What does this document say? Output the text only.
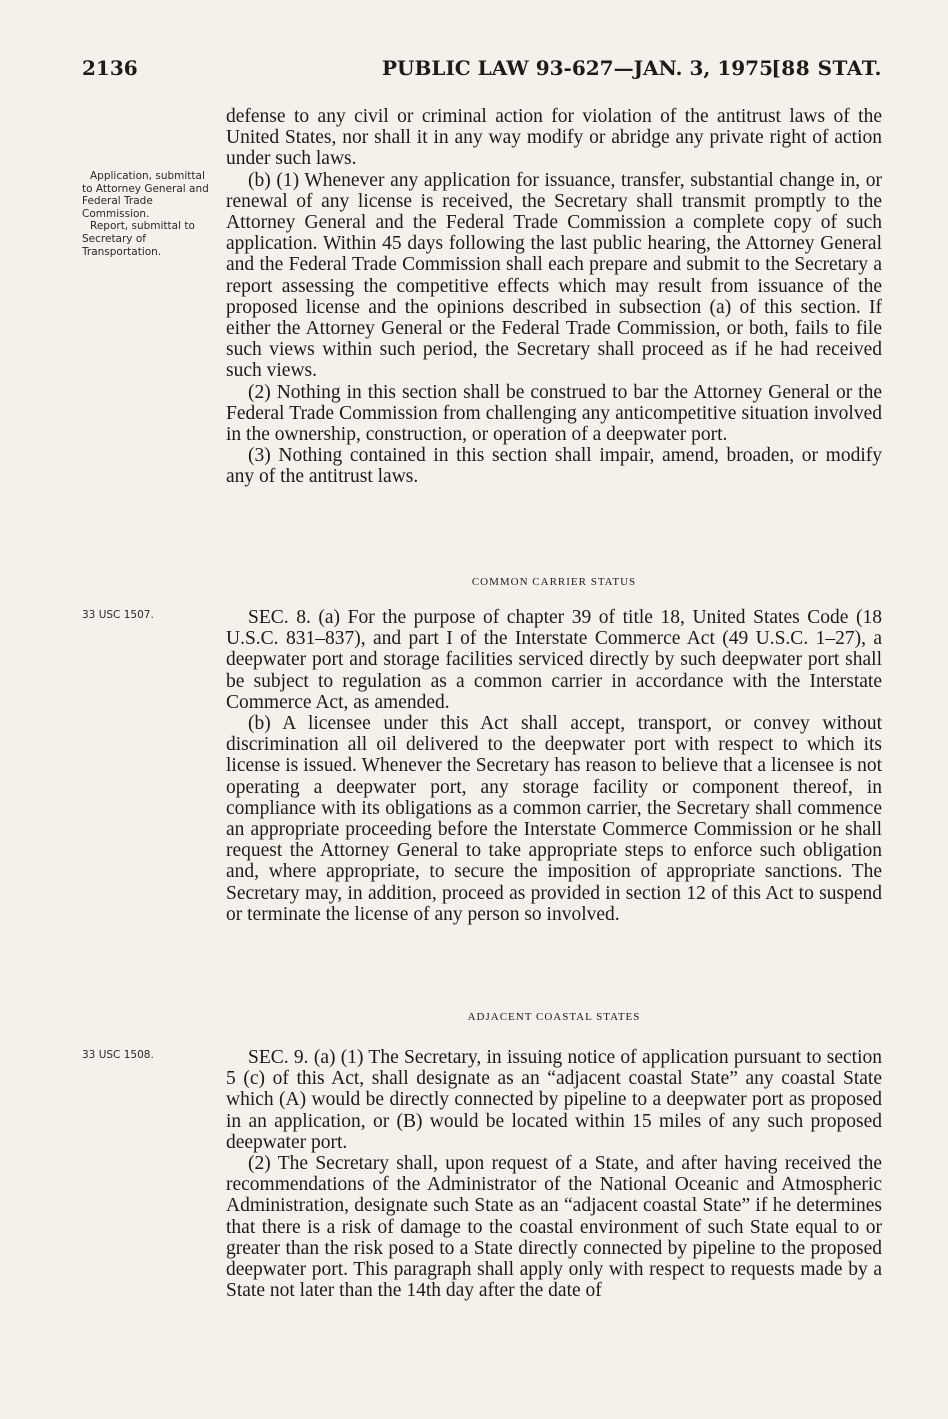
2136	PUBLIC LAW 93-627—JAN. 3, 1975
[88 STAT.

Application, submittal to Attorney General and Federal Trade Commission.

Report, submittal to Secretary of Transportation.

33 USC 1507.
33 USC 1508.

defense to any civil or criminal action for violation of the antitrust laws of the United States, nor shall it in any way modify or abridge any private right of action under such laws.

(b) (1) Whenever any application for issuance, transfer, substantial change in, or renewal of any license is received, the Secretary shall transmit promptly to the Attorney General and the Federal Trade Commission a complete copy of such application. Within 45 days following the last public hearing, the Attorney General and the Federal Trade Commission shall each prepare and submit to the Secretary a report assessing the competitive effects which may result from issuance of the proposed license and the opinions described in subsection (a) of this section. If either the Attorney General or the Federal Trade Commission, or both, fails to file such views within such period, the Secretary shall proceed as if he had received such views.

(2) Nothing in this section shall be construed to bar the Attorney General or the Federal Trade Commission from challenging any anticompetitive situation involved in the ownership, construction, or operation of a deepwater port.

(3) Nothing contained in this section shall impair, amend, broaden, or modify any of the antitrust laws.

COMMON CARRIER STATUS

SEC. 8. (a) For the purpose of chapter 39 of title 18, United States Code (18 U.S.C. 831–837), and part I of the Interstate Commerce Act (49 U.S.C. 1–27), a deepwater port and storage facilities serviced directly by such deepwater port shall be subject to regulation as a common carrier in accordance with the Interstate Commerce Act, as amended.

(b) A licensee under this Act shall accept, transport, or convey without discrimination all oil delivered to the deepwater port with respect to which its license is issued. Whenever the Secretary has reason to believe that a licensee is not operating a deepwater port, any storage facility or component thereof, in compliance with its obligations as a common carrier, the Secretary shall commence an appropriate proceeding before the Interstate Commerce Commission or he shall request the Attorney General to take appropriate steps to enforce such obligation and, where appropriate, to secure the imposition of appropriate sanctions. The Secretary may, in addition, proceed as provided in section 12 of this Act to suspend or terminate the license of any person so involved.

ADJACENT COASTAL STATES

SEC. 9. (a) (1) The Secretary, in issuing notice of application pursuant to section 5 (c) of this Act, shall designate as an “adjacent coastal State” any coastal State which (A) would be directly connected by pipeline to a deepwater port as proposed in an application, or (B) would be located within 15 miles of any such proposed deepwater port.

(2) The Secretary shall, upon request of a State, and after having received the recommendations of the Administrator of the National Oceanic and Atmospheric Administration, designate such State as an “adjacent coastal State” if he determines that there is a risk of damage to the coastal environment of such State equal to or greater than the risk posed to a State directly connected by pipeline to the proposed deepwater port. This paragraph shall apply only with respect to requests made by a State not later than the 14th day after the date of
